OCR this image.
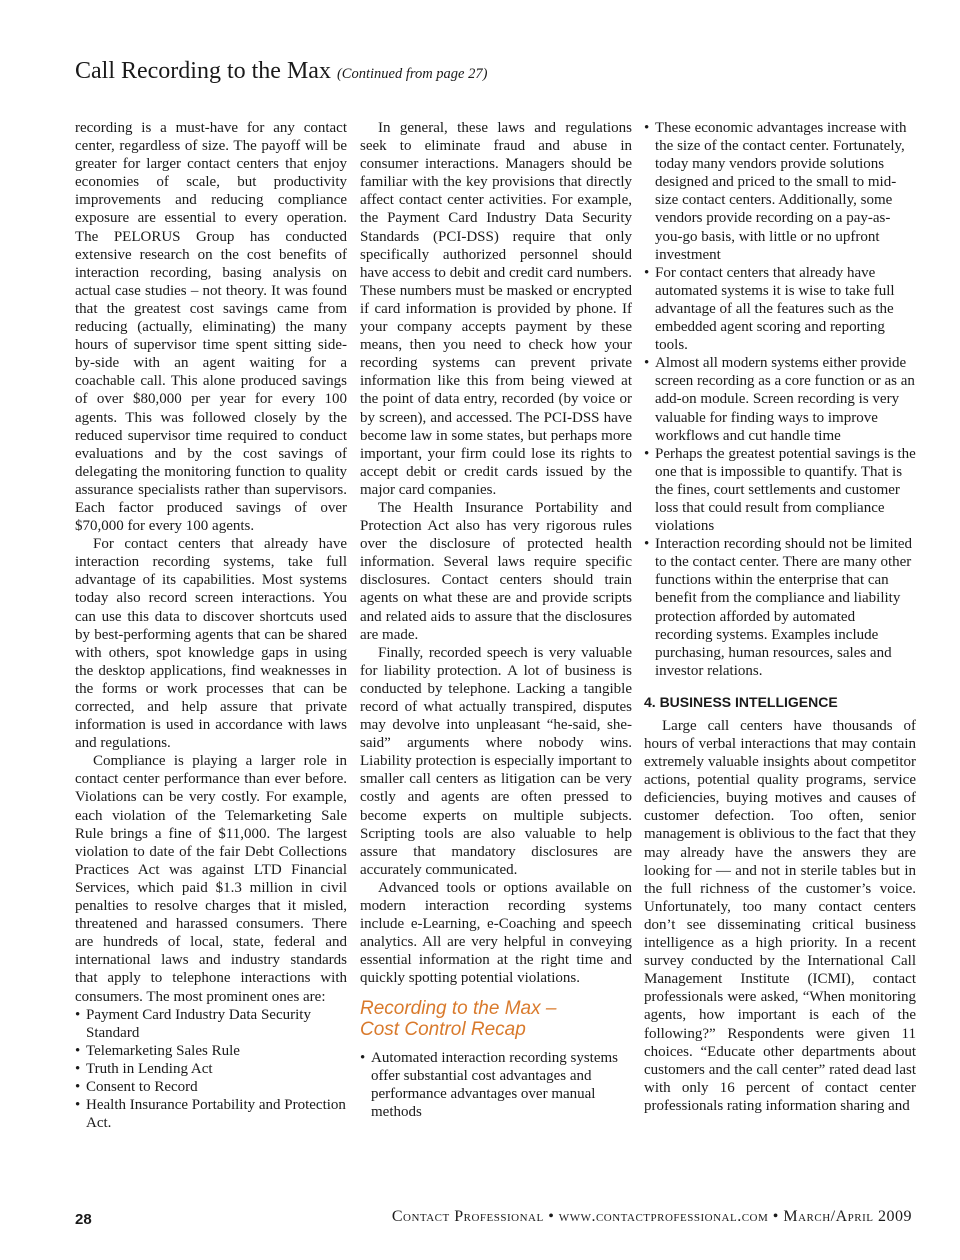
Call Recording to the Max (Continued from page 27)

recording is a must-have for any contact center, regardless of size. The payoff will be greater for larger contact centers that enjoy economies of scale, but productivity improvements and reducing compliance exposure are essential to every operation. The PELORUS Group has conducted extensive research on the cost benefits of interaction recording, basing analysis on actual case studies – not theory. It was found that the greatest cost savings came from reducing (actually, eliminating) the many hours of supervisor time spent sitting side-by-side with an agent waiting for a coachable call. This alone produced savings of over $80,000 per year for every 100 agents. This was followed closely by the reduced supervisor time required to conduct evaluations and by the cost savings of delegating the monitoring function to quality assurance specialists rather than supervisors. Each factor produced savings of over $70,000 for every 100 agents.

For contact centers that already have interaction recording systems, take full advantage of its capabilities. Most systems today also record screen interactions. You can use this data to discover shortcuts used by best-performing agents that can be shared with others, spot knowledge gaps in using the desktop applications, find weaknesses in the forms or work processes that can be corrected, and help assure that private information is used in accordance with laws and regulations.

Compliance is playing a larger role in contact center performance than ever before. Violations can be very costly. For example, each violation of the Telemarketing Sale Rule brings a fine of $11,000. The largest violation to date of the fair Debt Collections Practices Act was against LTD Financial Services, which paid $1.3 million in civil penalties to resolve charges that it misled, threatened and harassed consumers. There are hundreds of local, state, federal and international laws and industry standards that apply to telephone interactions with consumers. The most prominent ones are:

• Payment Card Industry Data Security Standard
• Telemarketing Sales Rule
• Truth in Lending Act
• Consent to Record
• Health Insurance Portability and Protection Act.

In general, these laws and regulations seek to eliminate fraud and abuse in consumer interactions. Managers should be familiar with the key provisions that directly affect contact center activities. For example, the Payment Card Industry Data Security Standards (PCI-DSS) require that only specifically authorized personnel should have access to debit and credit card numbers. These numbers must be masked or encrypted if card information is provided by phone. If your company accepts payment by these means, then you need to check how your recording systems can prevent private information like this from being viewed at the point of data entry, recorded (by voice or by screen), and accessed. The PCI-DSS have become law in some states, but perhaps more important, your firm could lose its rights to accept debit or credit cards issued by the major card companies.

The Health Insurance Portability and Protection Act also has very rigorous rules over the disclosure of protected health information. Several laws require specific disclosures. Contact centers should train agents on what these are and provide scripts and related aids to assure that the disclosures are made.

Finally, recorded speech is very valuable for liability protection. A lot of business is conducted by telephone. Lacking a tangible record of what actually transpired, disputes may devolve into unpleasant “he-said, she-said” arguments where nobody wins. Liability protection is especially important to smaller call centers as litigation can be very costly and agents are often pressed to become experts on multiple subjects. Scripting tools are also valuable to help assure that mandatory disclosures are accurately communicated.

Advanced tools or options available on modern interaction recording systems include e-Learning, e-Coaching and speech analytics. All are very helpful in conveying essential information at the right time and quickly spotting potential violations.

Recording to the Max –
Cost Control Recap
• Automated interaction recording systems offer substantial cost advantages and performance advantages over manual methods
• These economic advantages increase with the size of the contact center. Fortunately, today many vendors provide solutions designed and priced to the small to mid-size contact centers. Additionally, some vendors provide recording on a pay-as-you-go basis, with little or no upfront investment
• For contact centers that already have automated systems it is wise to take full advantage of all the features such as the embedded agent scoring and reporting tools.
• Almost all modern systems either provide screen recording as a core function or as an add-on module. Screen recording is very valuable for finding ways to improve workflows and cut handle time
• Perhaps the greatest potential savings is the one that is impossible to quantify. That is the fines, court settlements and customer loss that could result from compliance violations
• Interaction recording should not be limited to the contact center. There are many other functions within the enterprise that can benefit from the compliance and liability protection afforded by automated recording systems. Examples include purchasing, human resources, sales and investor relations.
4. BUSINESS INTELLIGENCE

Large call centers have thousands of hours of verbal interactions that may contain extremely valuable insights about competitor actions, potential quality programs, service deficiencies, buying motives and causes of customer defection. Too often, senior management is oblivious to the fact that they may already have the answers they are looking for — and not in sterile tables but in the full richness of the customer’s voice. Unfortunately, too many contact centers don’t see disseminating critical business intelligence as a high priority. In a recent survey conducted by the International Call Management Institute (ICMI), contact professionals were asked, “When monitoring agents, how important is each of the following?” Respondents were given 11 choices. “Educate other departments about customers and the call center” rated dead last with only 16 percent of contact center professionals rating information sharing and

28	Contact Professional • www.contactprofessional.com • March/April 2009
